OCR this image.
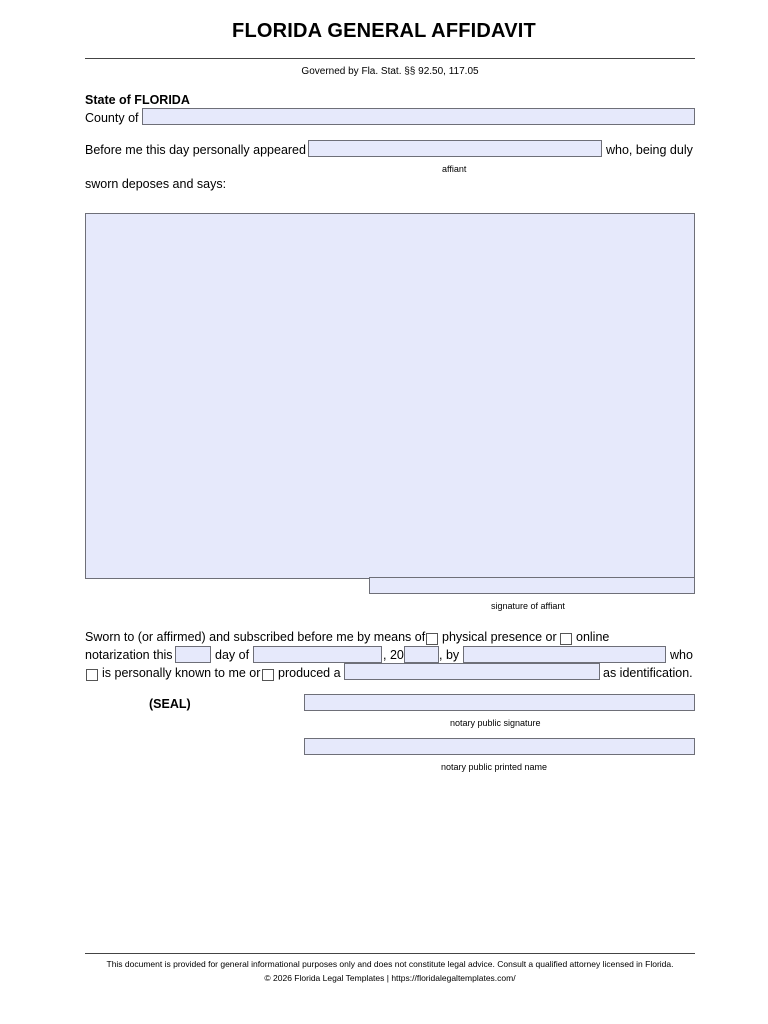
FLORIDA GENERAL AFFIDAVIT
Governed by Fla. Stat. §§ 92.50, 117.05
State of FLORIDA
County of
Before me this day personally appeared	who, being duly
affiant
sworn deposes and says:
signature of affiant
Sworn to (or affirmed) and subscribed before me by means of physical presence or online
notarization this	day of	, 20	, by	who
is personally known to me or produced a	as identification.
(SEAL)
notary public signature
notary public printed name
This document is provided for general informational purposes only and does not constitute legal advice. Consult a qualified attorney licensed in Florida.
© 2026 Florida Legal Templates | https://floridalegaltemplates.com/
